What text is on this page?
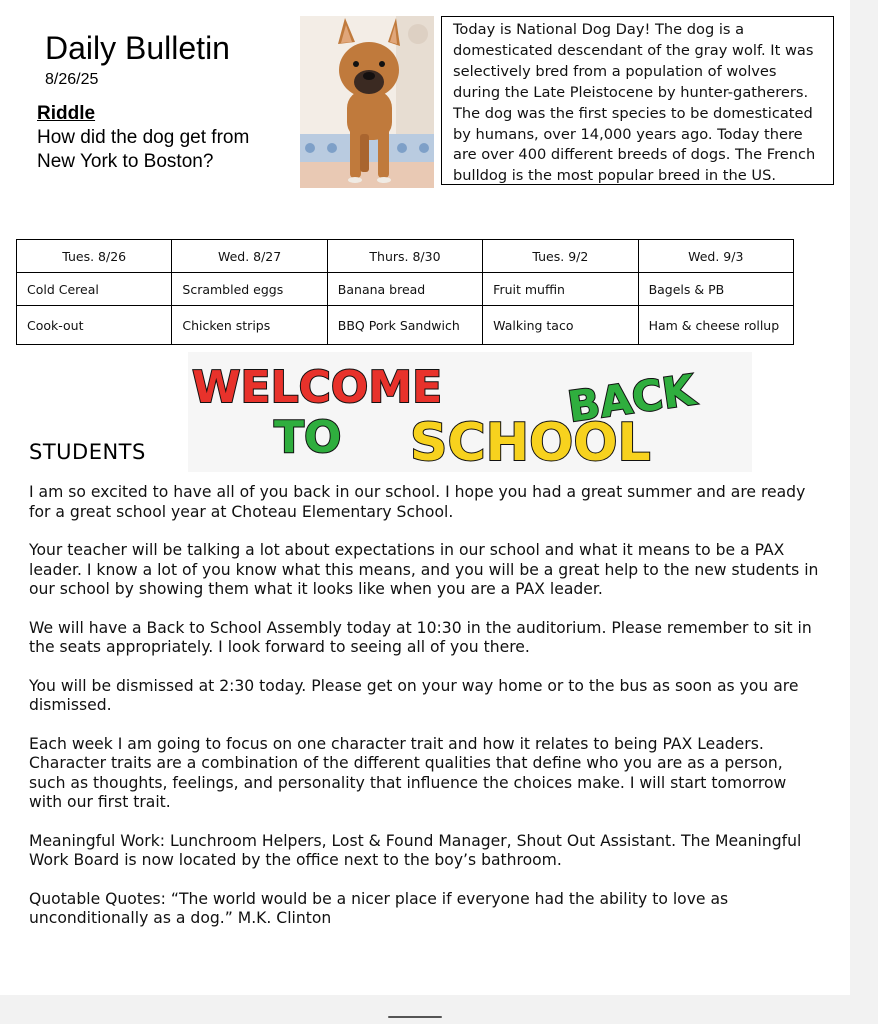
Daily Bulletin
8/26/25
Riddle
How did the dog get from New York to Boston?
Today is National Dog Day! The dog is a domesticated descendant of the gray wolf. It was selectively bred from a population of wolves during the Late Pleistocene by hunter-gatherers. The dog was the first species to be domesticated by humans, over 14,000 years ago. Today there are over 400 different breeds of dogs. The French bulldog is the most popular breed in the US.
Tues. 8/26	Wed. 8/27	Thurs. 8/30	Tues. 9/2	Wed. 9/3
Cold Cereal	Scrambled eggs	Banana bread	Fruit muffin	Bagels & PB
Cook-out	Chicken strips	BBQ Pork Sandwich	Walking taco	Ham & cheese rollup
WELCOME	BACK
TO SCHOOL
STUDENTS

I am so excited to have all of you back in our school. I hope you had a great summer and are ready for a great school year at Choteau Elementary School.

Your teacher will be talking a lot about expectations in our school and what it means to be a PAX leader. I know a lot of you know what this means, and you will be a great help to the new students in our school by showing them what it looks like when you are a PAX leader.

We will have a Back to School Assembly today at 10:30 in the auditorium. Please remember to sit in the seats appropriately. I look forward to seeing all of you there.

You will be dismissed at 2:30 today. Please get on your way home or to the bus as soon as you are dismissed.

Each week I am going to focus on one character trait and how it relates to being PAX Leaders. Character traits are a combination of the different qualities that define who you are as a person, such as thoughts, feelings, and personality that influence the choices make. I will start tomorrow with our first trait.

Meaningful Work: Lunchroom Helpers, Lost & Found Manager, Shout Out Assistant. The Meaningful Work Board is now located by the office next to the boy’s bathroom.

Quotable Quotes: “The world would be a nicer place if everyone had the ability to love as unconditionally as a dog.” M.K. Clinton
